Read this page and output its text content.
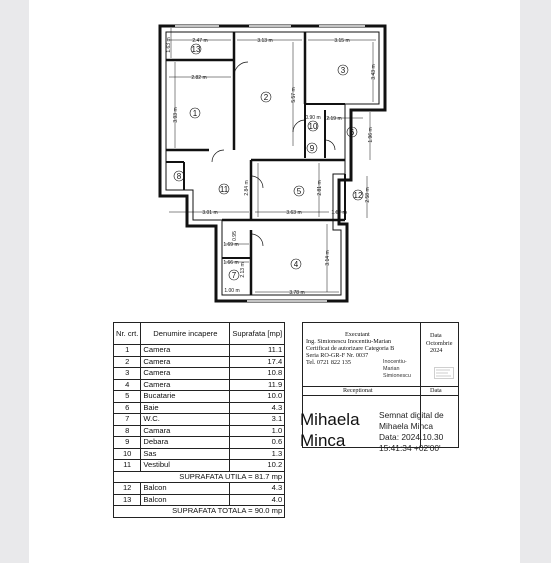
13
1
2
3
10
6
9
8
11	5	12
4
7
2.47 m
1.63 m	3.13 m	3.15 m
3.43 m
2.82 m
3.93 m
5.57 m
2.19 m
1.96 m
0.90 m
2.84 m	2.81 m	2.58 m
3.01 m	3.63 m	1.67 m
1.69 m
1.66 m 2.13 m
3.14 m
3.78 m
0.95
1.00 m
Nr. crt.	Denumire incapere	Suprafata [mp]
1	Camera	11.1
2	Camera	17.4
3	Camera	10.8
4	Camera	11.9
5	Bucatarie	10.0
6	Baie	4.3
7	W.C.	3.1
8	Camara	1.0
9	Debara	0.6
10	Sas	1.3
11	Vestibul	10.2
SUPRAFATA UTILA = 81.7 mp		
12	Balcon	4.3
13	Balcon	4.0
SUPRAFATA TOTALA = 90.0 mp		
Executant
Ing. Simionescu Inocentiu-Marian
Certificat de autorizare Categoria B
Seria RO-GR-F Nr. 0037
Tel. 0721 822 135	Inocentiu-
Marian
Simionescu
Data
Octombrie
2024
Receptionat	Data
Mihaela
Minca
Semnat digital de
Mihaela Minca
Data: 2024.10.30
15:41:34 +02'00'
